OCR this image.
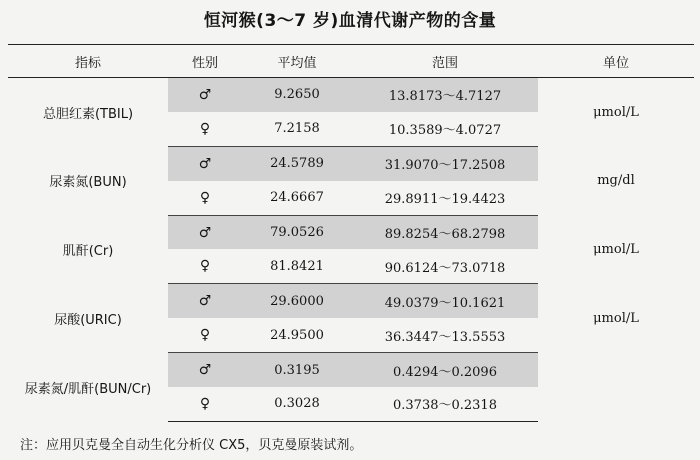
恒河猴(3～7 岁)血清代谢产物的含量
指标	性别	平均值	范围	单位
总胆红素(TBIL)	♂	9.2650	13.8173～4.7127	μmol/L
	♀	7.2158	10.3589～4.0727	
尿素氮(BUN)	♂	24.5789	31.9070～17.2508	mg/dl
	♀	24.6667	29.8911～19.4423	
肌酐(Cr)	♂	79.0526	89.8254～68.2798	μmol/L
	♀	81.8421	90.6124～73.0718	
尿酸(URIC)	♂	29.6000	49.0379～10.1621	μmol/L
	♀	24.9500	36.3447～13.5553	
尿素氮/肌酐(BUN/Cr)	♂	0.3195	0.4294～0.2096	
	♀	0.3028	0.3738～0.2318	
注：应用贝克曼全自动生化分析仪 CX5，贝克曼原装试剂。
